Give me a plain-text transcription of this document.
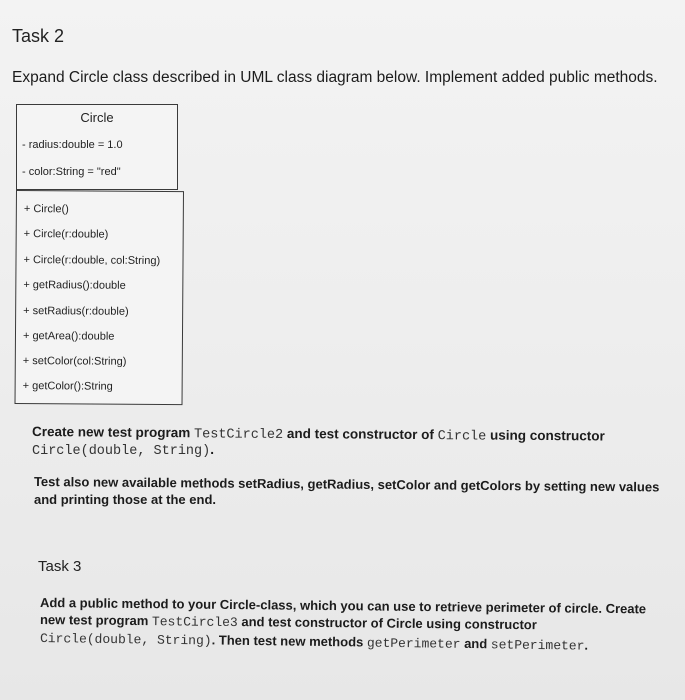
Task 2
Expand Circle class described in UML class diagram below. Implement added public methods.
Circle
- radius:double = 1.0
- color:String = "red"
+ Circle()
+ Circle(r:double)
+ Circle(r:double, col:String)
+ getRadius():double
+ setRadius(r:double)
+ getArea():double
+ setColor(col:String)
+ getColor():String
Create new test program TestCircle2 and test constructor of Circle using constructor
Circle(double, String).
Test also new available methods setRadius, getRadius, setColor and getColors by setting new values
and printing those at the end.
Task 3
Add a public method to your Circle-class, which you can use to retrieve perimeter of circle. Create
new test program TestCircle3 and test constructor of Circle using constructor
Circle(double, String). Then test new methods getPerimeter and setPerimeter.
